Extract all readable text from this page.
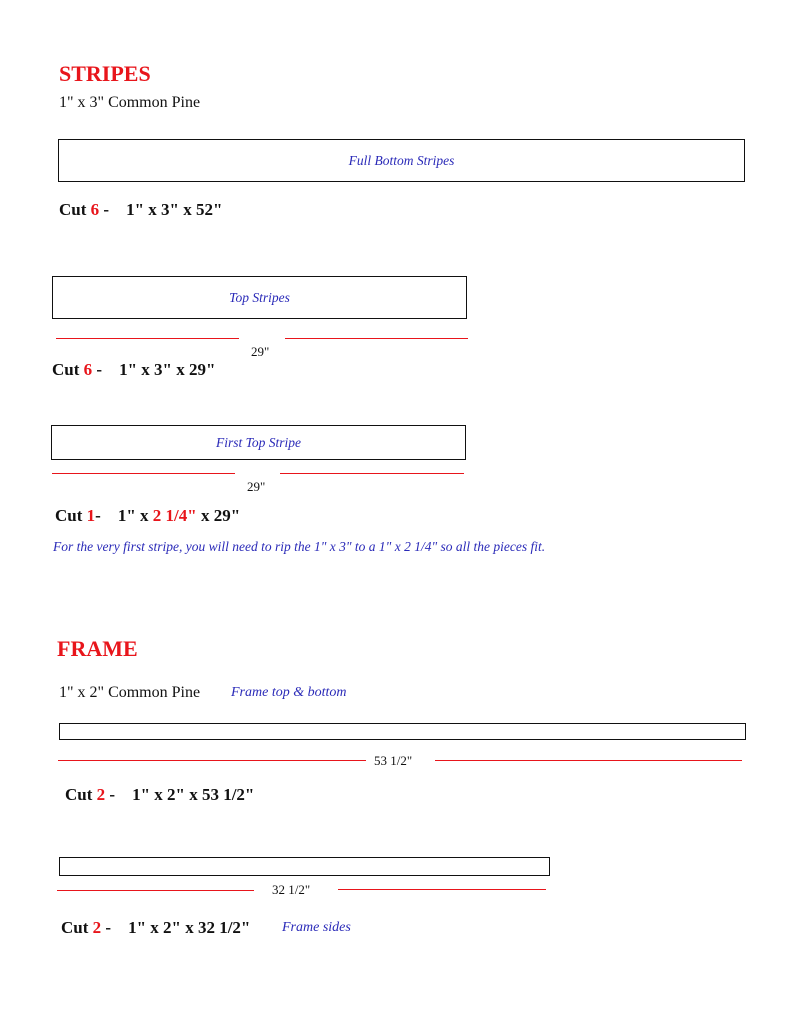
STRIPES
1" x 3" Common Pine
Full Bottom Stripes
Cut 6 - 1" x 3" x 52"
Top Stripes
29"
Cut 6 - 1" x 3" x 29"
First Top Stripe
29"
Cut 1- 1" x 2 1/4" x 29"
For the very first stripe, you will need to rip the 1" x 3" to a 1" x 2 1/4" so all the pieces fit.
FRAME
1" x 2" Common Pine Frame top & bottom
53 1/2"
Cut 2 - 1" x 2" x 53 1/2"
32 1/2"
Cut 2 - 1" x 2" x 32 1/2" Frame sides
